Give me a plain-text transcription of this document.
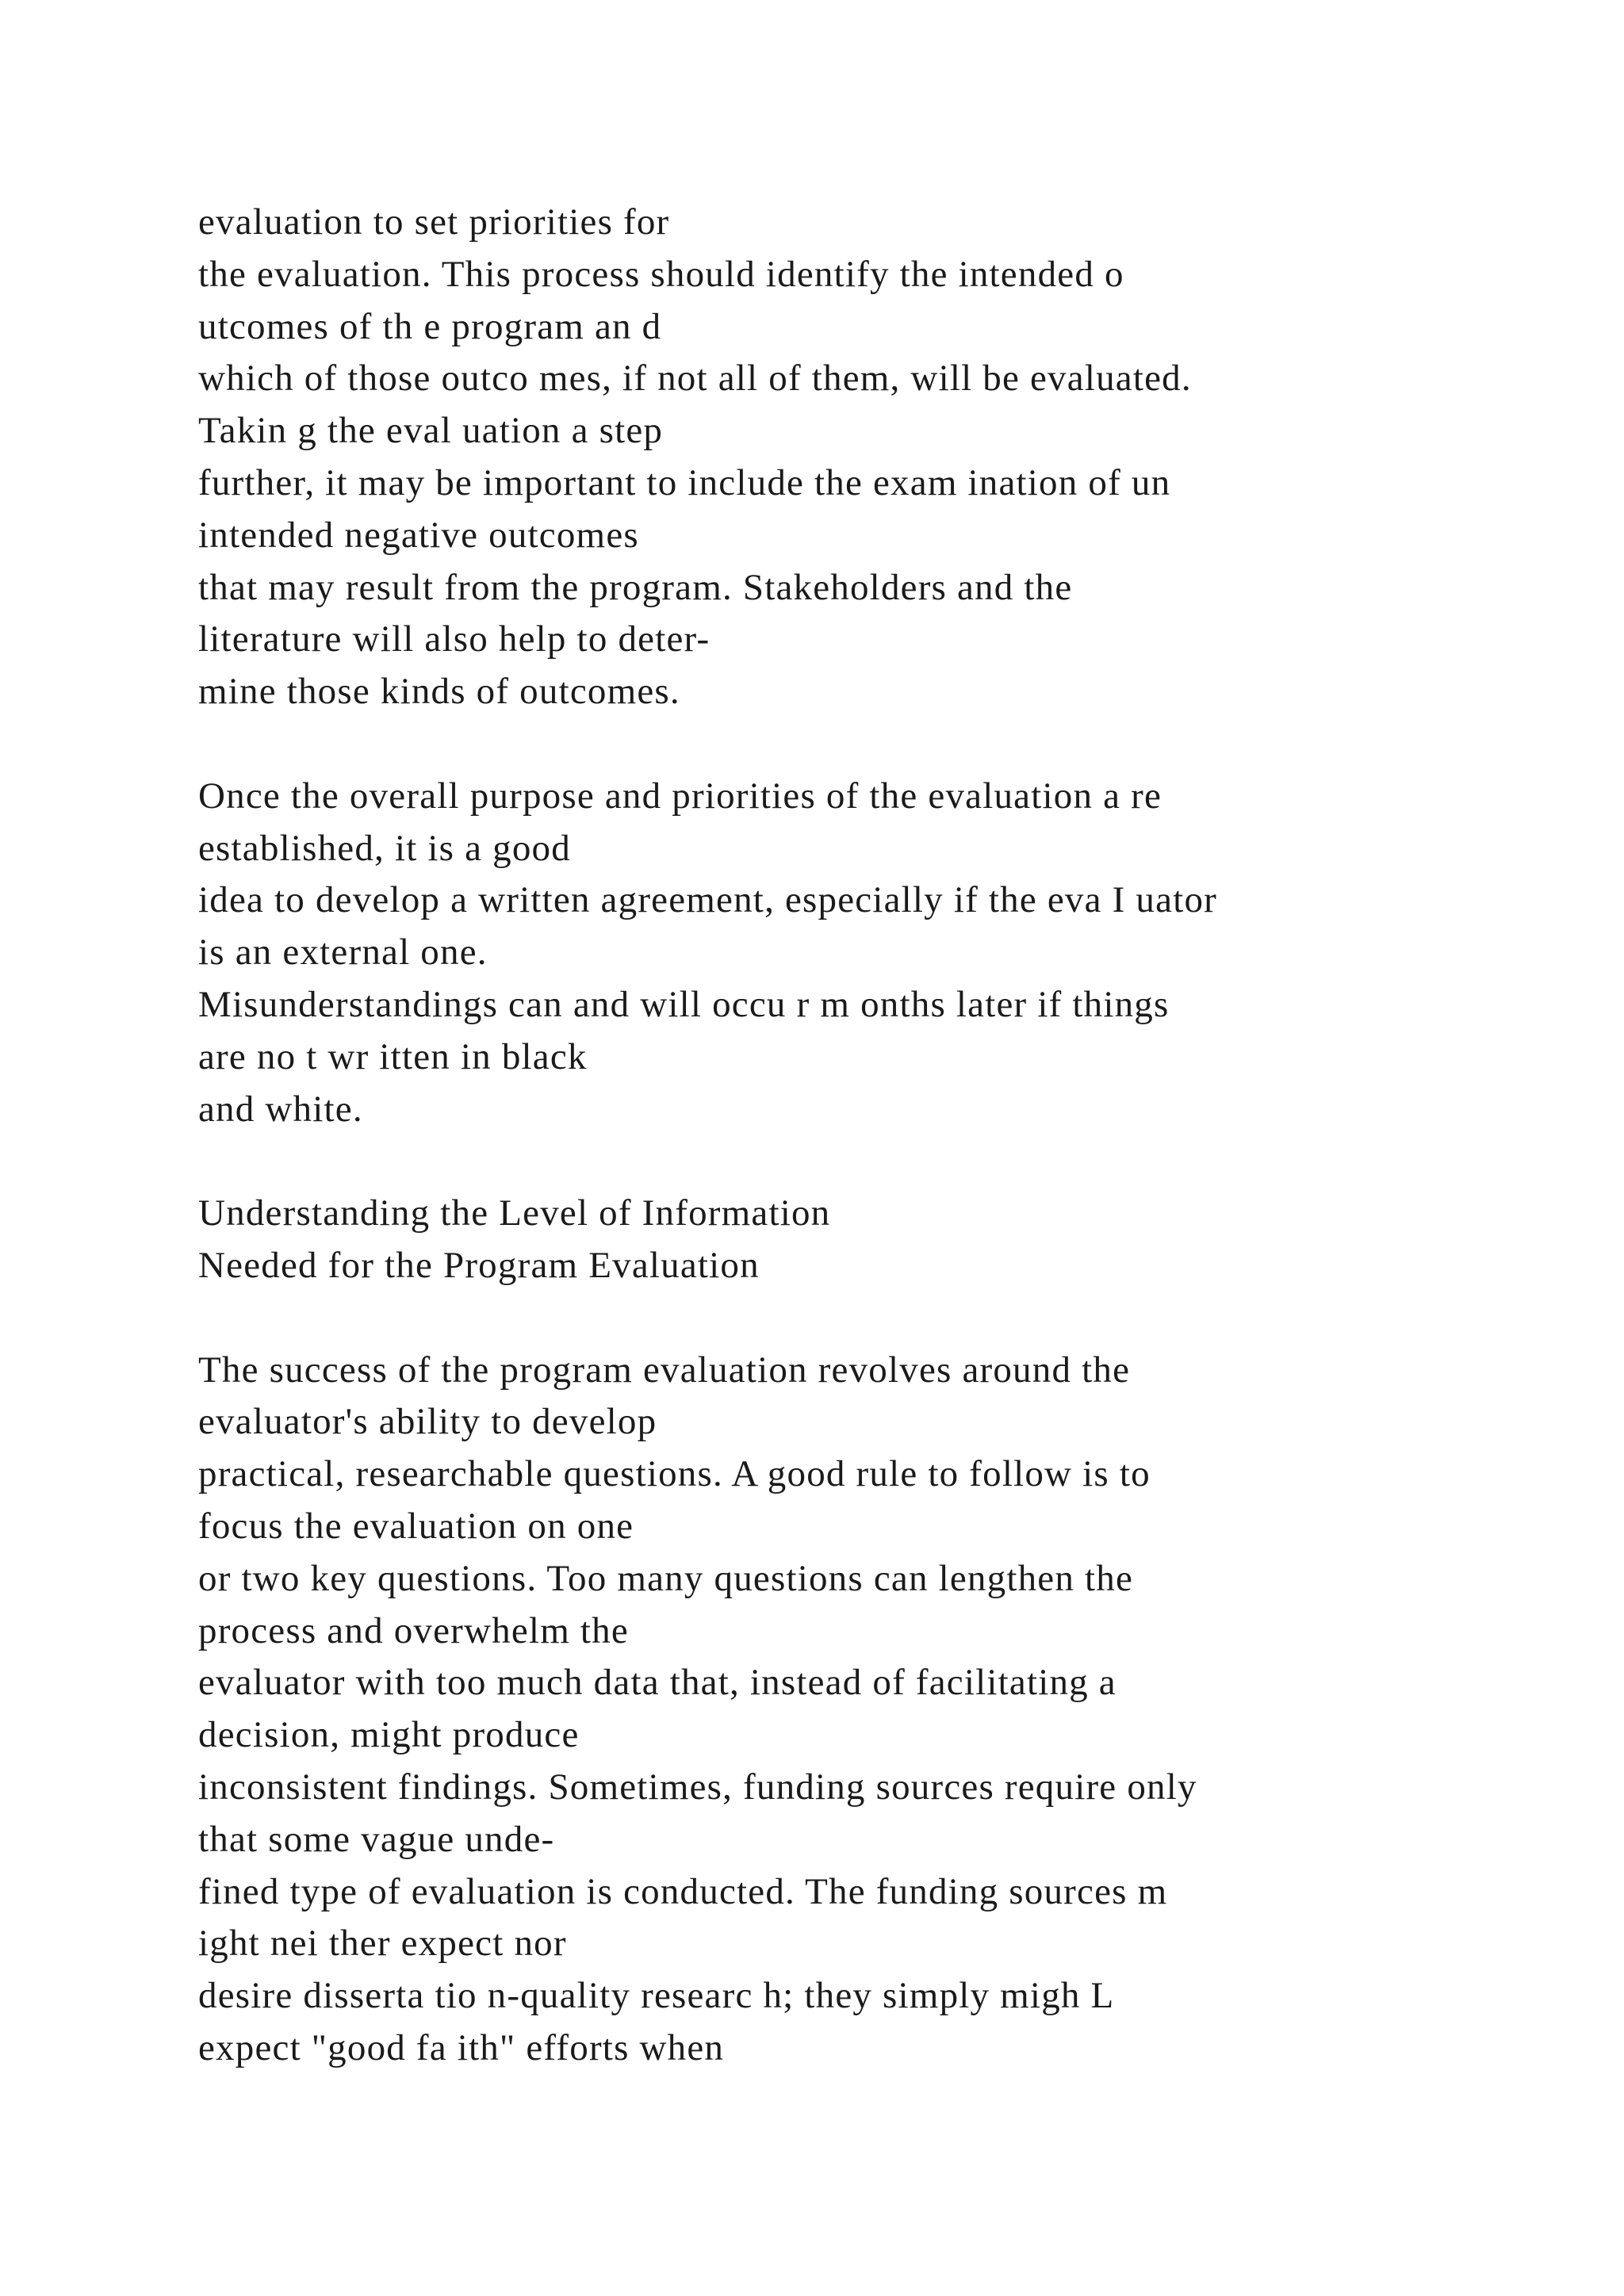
evaluation to set priorities for
the evaluation. This process should identify the intended o
utcomes of th e program an d
which of those outco mes, if not all of them, will be evaluated.
Takin g the eval uation a step
further, it may be important to include the exam ination of un
intended negative outcomes
that may result from the program. Stakeholders and the
literature will also help to deter-
mine those kinds of outcomes.
Once the overall purpose and priorities of the evaluation a re
established, it is a good
idea to develop a written agreement, especially if the eva I uator
is an external one.
Misunderstandings can and will occu r m onths later if things
are no t wr itten in black
and white.
Understanding the Level of Information
Needed for the Program Evaluation
The success of the program evaluation revolves around the
evaluator's ability to develop
practical, researchable questions. A good rule to follow is to
focus the evaluation on one
or two key questions. Too many questions can lengthen the
process and overwhelm the
evaluator with too much data that, instead of facilitating a
decision, might produce
inconsistent findings. Sometimes, funding sources require only
that some vague unde-
fined type of evaluation is conducted. The funding sources m
ight nei ther expect nor
desire disserta tio n-quality researc h; they simply migh L
expect "good fa ith" efforts when
